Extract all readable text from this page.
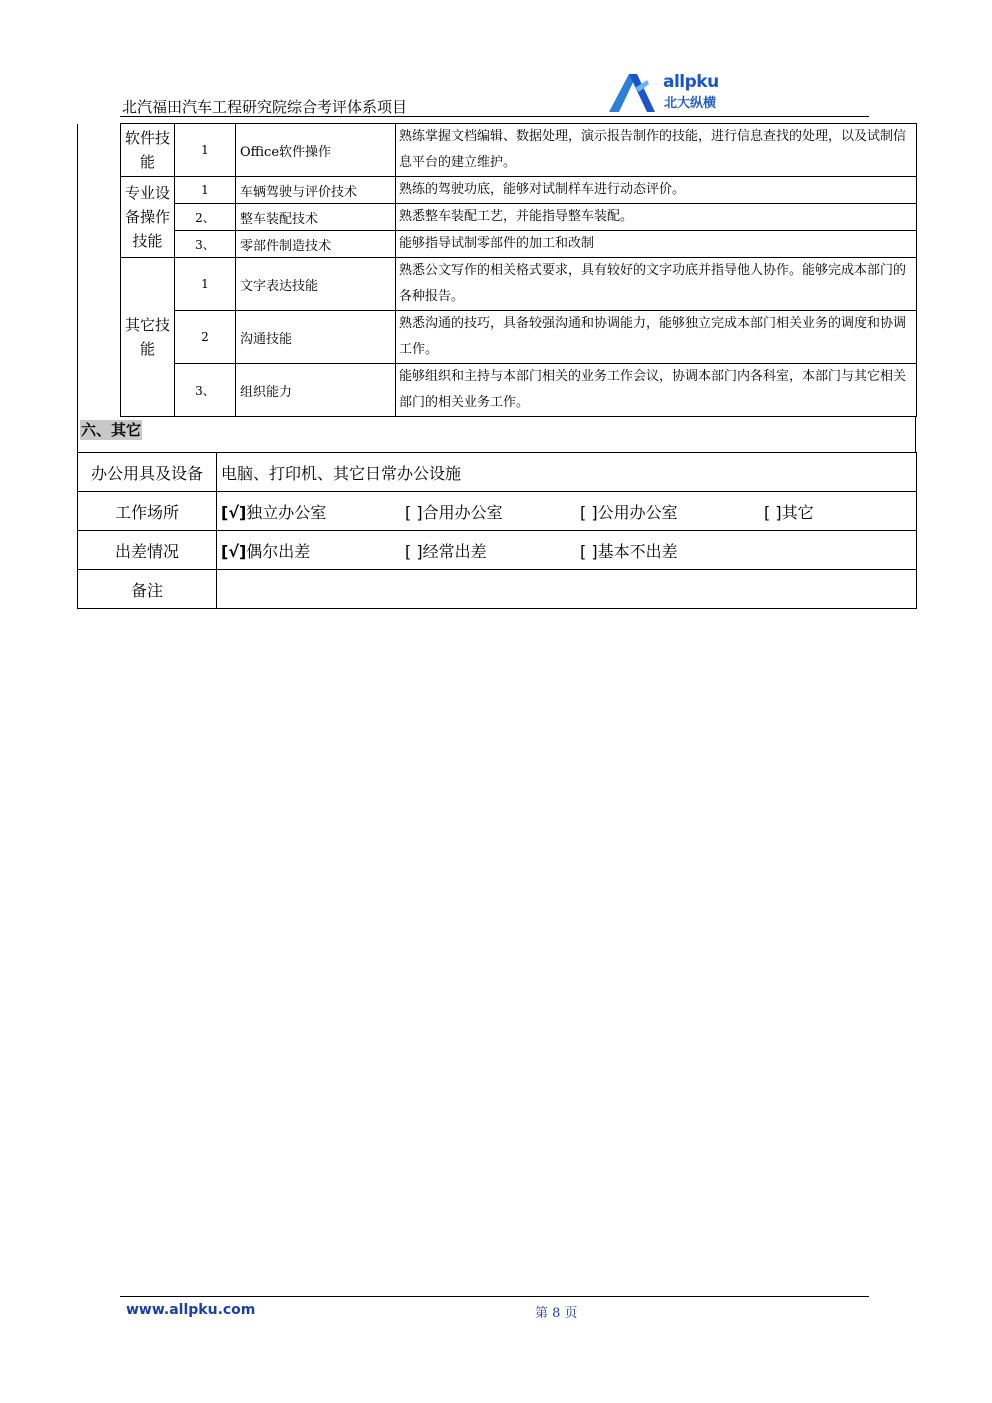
北汽福田汽车工程研究院综合考评体系项目
allpku
北大纵横
	软件技能	1	Office软件操作	熟练掌握文档编辑、数据处理，演示报告制作的技能，进行信息查找的处理，以及试制信息平台的建立维护。
	专业设备操作技能	1	车辆驾驶与评价技术	熟练的驾驶功底，能够对试制样车进行动态评价。
		2、	整车装配技术	熟悉整车装配工艺，并能指导整车装配。
		3、	零部件制造技术	能够指导试制零部件的加工和改制
	其它技能	1	文字表达技能	熟悉公文写作的相关格式要求，具有较好的文字功底并指导他人协作。能够完成本部门的各种报告。
		2	沟通技能	熟悉沟通的技巧，具备较强沟通和协调能力，能够独立完成本部门相关业务的调度和协调工作。
		3、	组织能力	能够组织和主持与本部门相关的业务工作会议，协调本部门内各科室，本部门与其它相关部门的相关业务工作。
六、其它
办公用具及设备	电脑、打印机、其它日常办公设施
工作场所	[√]独立办公室 [ ]合用办公室 [ ]公用办公室 [ ]其它
出差情况	[√]偶尔出差 [ ]经常出差 [ ]基本不出差
备注	
www.allpku.com	第 8 页
